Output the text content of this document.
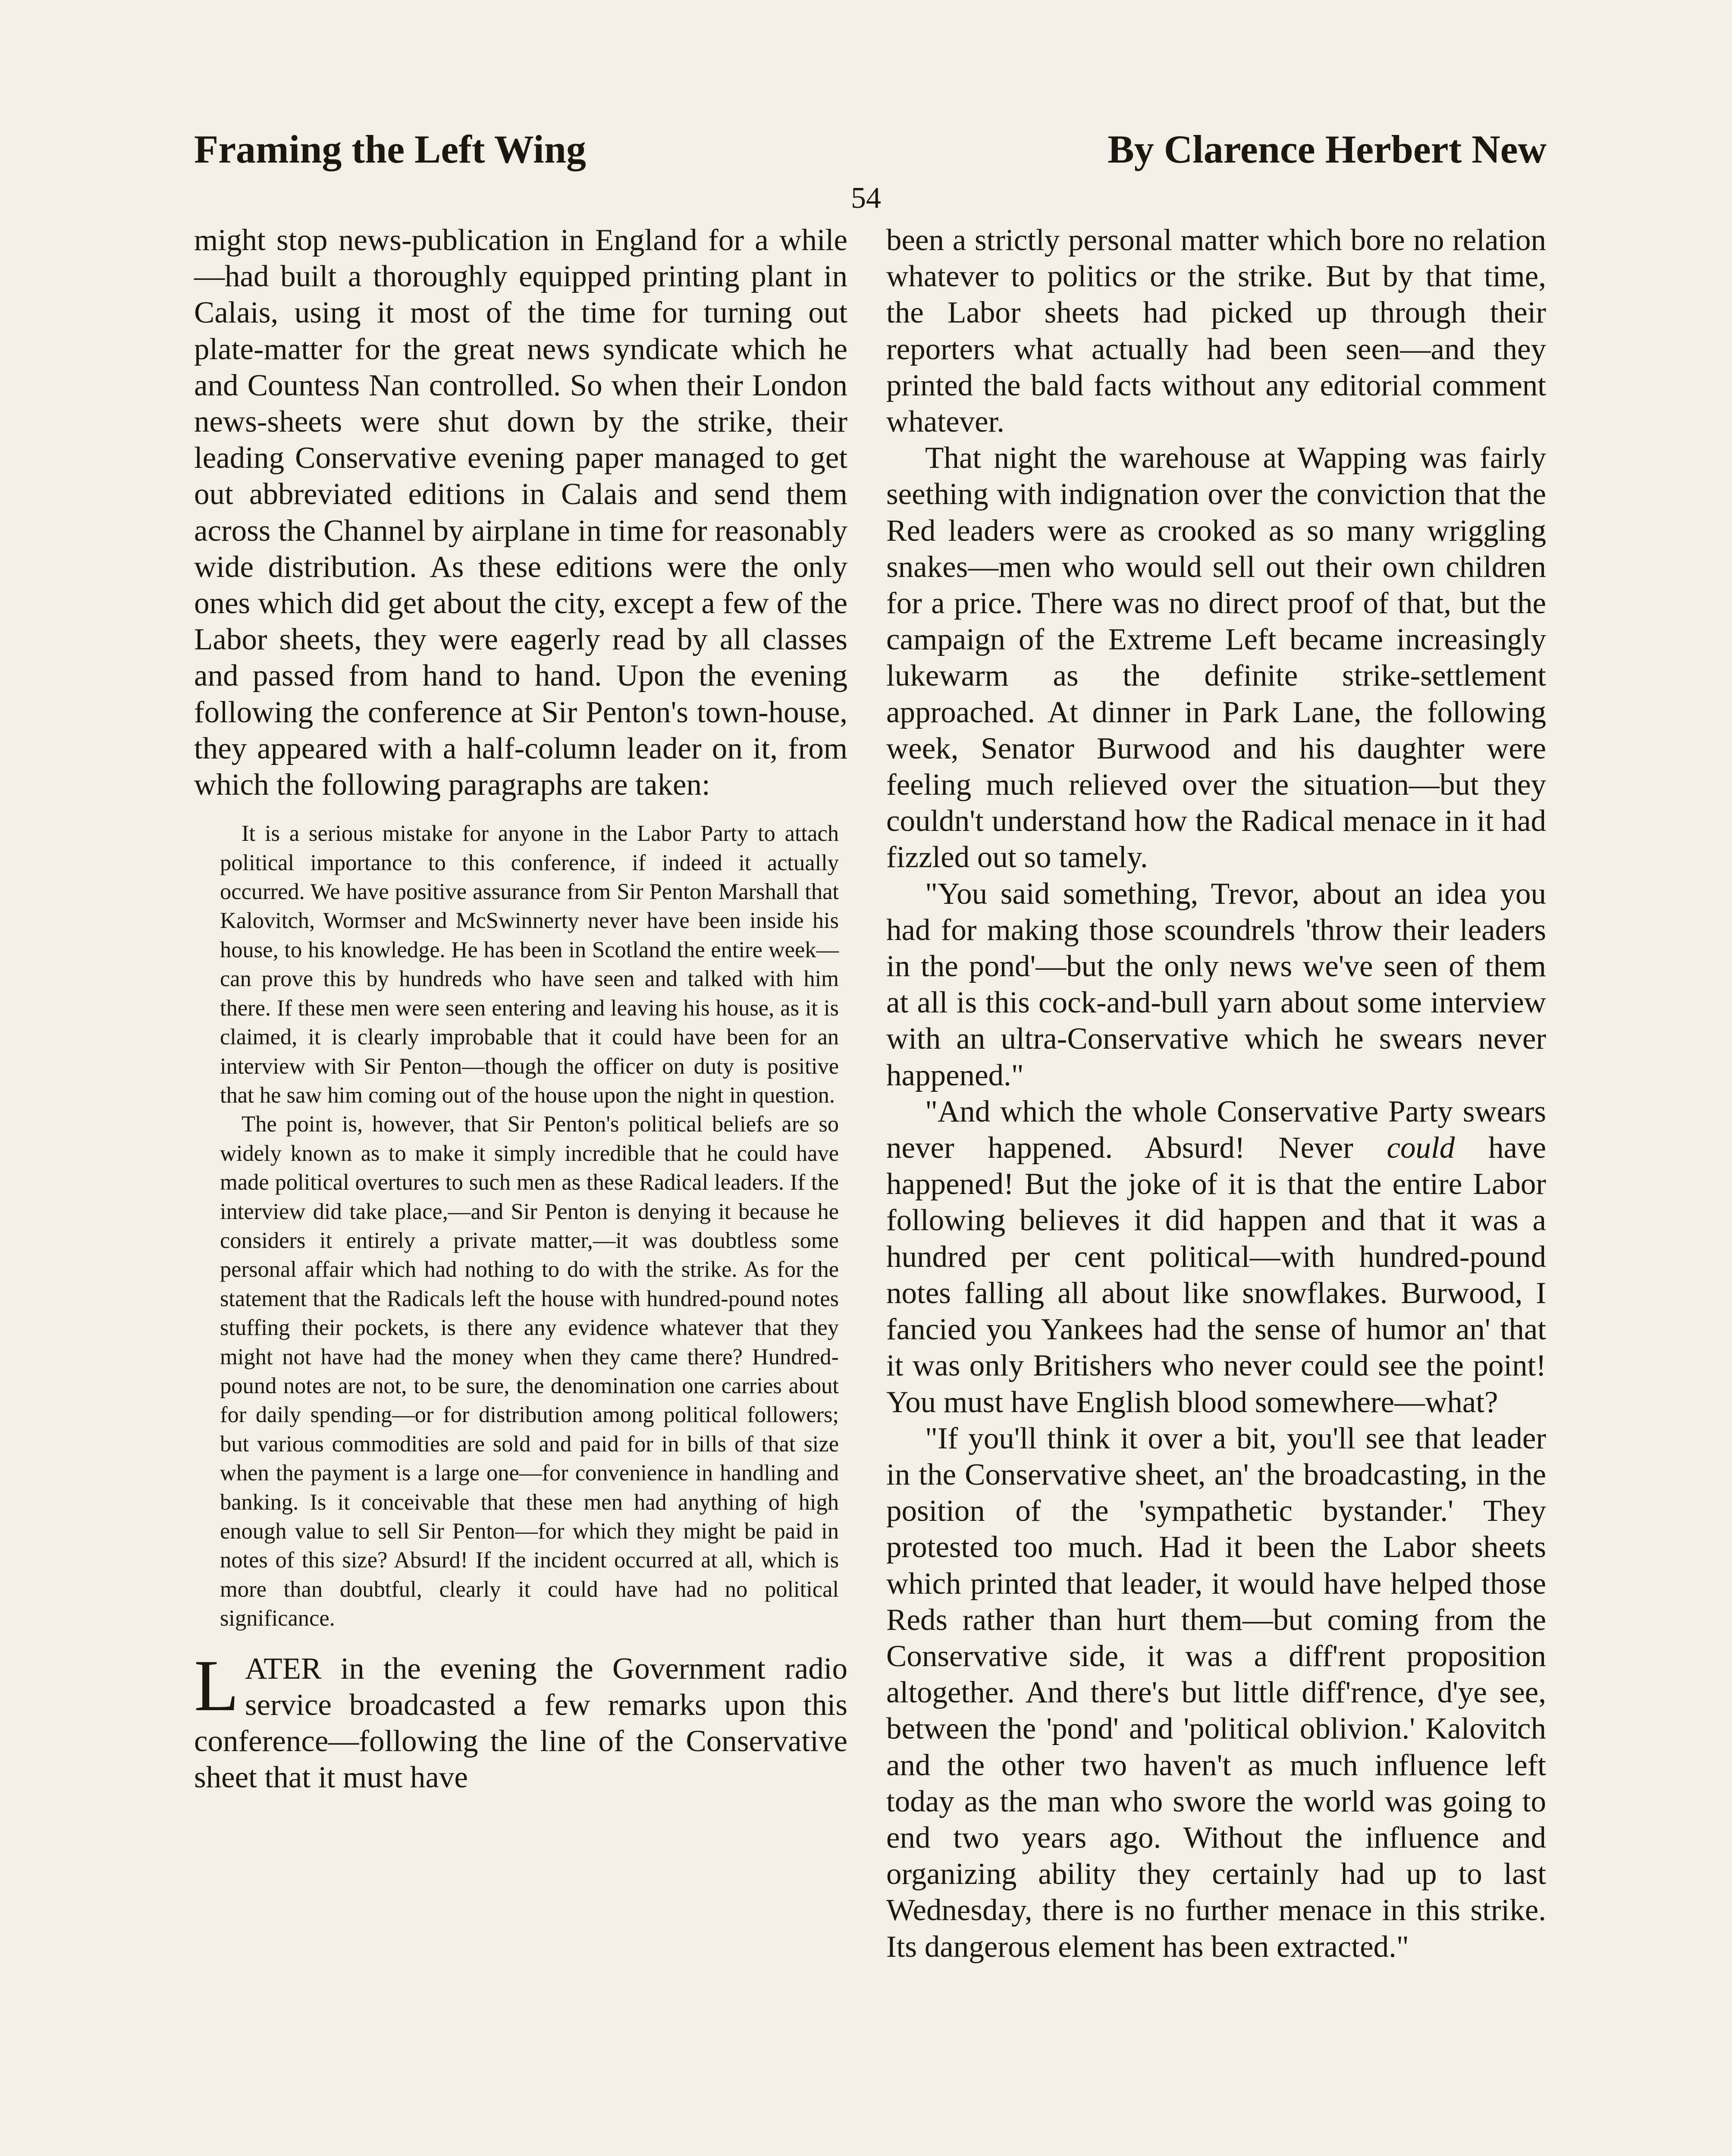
Framing the Left Wing	By Clarence Herbert New
54

might stop news-publication in England for a while—had built a thoroughly equipped printing plant in Calais, using it most of the time for turning out plate-matter for the great news syndicate which he and Countess Nan controlled. So when their London news-sheets were shut down by the strike, their leading Conservative evening paper managed to get out abbreviated editions in Calais and send them across the Channel by airplane in time for reasonably wide distribution. As these editions were the only ones which did get about the city, except a few of the Labor sheets, they were eagerly read by all classes and passed from hand to hand. Upon the evening following the conference at Sir Penton's town-house, they appeared with a half-column leader on it, from which the following paragraphs are taken:

It is a serious mistake for anyone in the Labor Party to attach political importance to this conference, if indeed it actually occurred. We have positive assurance from Sir Penton Marshall that Kalovitch, Wormser and McSwinnerty never have been inside his house, to his knowledge. He has been in Scotland the entire week—can prove this by hundreds who have seen and talked with him there. If these men were seen entering and leaving his house, as it is claimed, it is clearly improbable that it could have been for an interview with Sir Penton—though the officer on duty is positive that he saw him coming out of the house upon the night in question.

The point is, however, that Sir Penton's political beliefs are so widely known as to make it simply incredible that he could have made political overtures to such men as these Radical leaders. If the interview did take place,—and Sir Penton is denying it because he considers it entirely a private matter,—it was doubtless some personal affair which had nothing to do with the strike. As for the statement that the Radicals left the house with hundred-pound notes stuffing their pockets, is there any evidence whatever that they might not have had the money when they came there? Hundred-pound notes are not, to be sure, the denomination one carries about for daily spending—or for distribution among political followers; but various commodities are sold and paid for in bills of that size when the payment is a large one—for convenience in handling and banking. Is it conceivable that these men had anything of high enough value to sell Sir Penton—for which they might be paid in notes of this size? Absurd! If the incident occurred at all, which is more than doubtful, clearly it could have had no political significance.

LATER in the evening the Government radio service broadcasted a few remarks upon this conference—following the line of the Conservative sheet that it must have

been a strictly personal matter which bore no relation whatever to politics or the strike. But by that time, the Labor sheets had picked up through their reporters what actually had been seen—and they printed the bald facts without any editorial comment whatever.

That night the warehouse at Wapping was fairly seething with indignation over the conviction that the Red leaders were as crooked as so many wriggling snakes—men who would sell out their own children for a price. There was no direct proof of that, but the campaign of the Extreme Left became increasingly lukewarm as the definite strike-settlement approached. At dinner in Park Lane, the following week, Senator Burwood and his daughter were feeling much relieved over the situation—but they couldn't understand how the Radical menace in it had fizzled out so tamely.

"You said something, Trevor, about an idea you had for making those scoundrels 'throw their leaders in the pond'—but the only news we've seen of them at all is this cock-and-bull yarn about some interview with an ultra-Conservative which he swears never happened."

"And which the whole Conservative Party swears never happened. Absurd! Never could have happened! But the joke of it is that the entire Labor following believes it did happen and that it was a hundred per cent political—with hundred-pound notes falling all about like snowflakes. Burwood, I fancied you Yankees had the sense of humor an' that it was only Britishers who never could see the point! You must have English blood somewhere—what?

"If you'll think it over a bit, you'll see that leader in the Conservative sheet, an' the broadcasting, in the position of the 'sympathetic bystander.' They protested too much. Had it been the Labor sheets which printed that leader, it would have helped those Reds rather than hurt them—but coming from the Conservative side, it was a diff'rent proposition altogether. And there's but little diff'rence, d'ye see, between the 'pond' and 'political oblivion.' Kalovitch and the other two haven't as much influence left today as the man who swore the world was going to end two years ago. Without the influence and organizing ability they certainly had up to last Wednesday, there is no further menace in this strike. Its dangerous element has been extracted."
